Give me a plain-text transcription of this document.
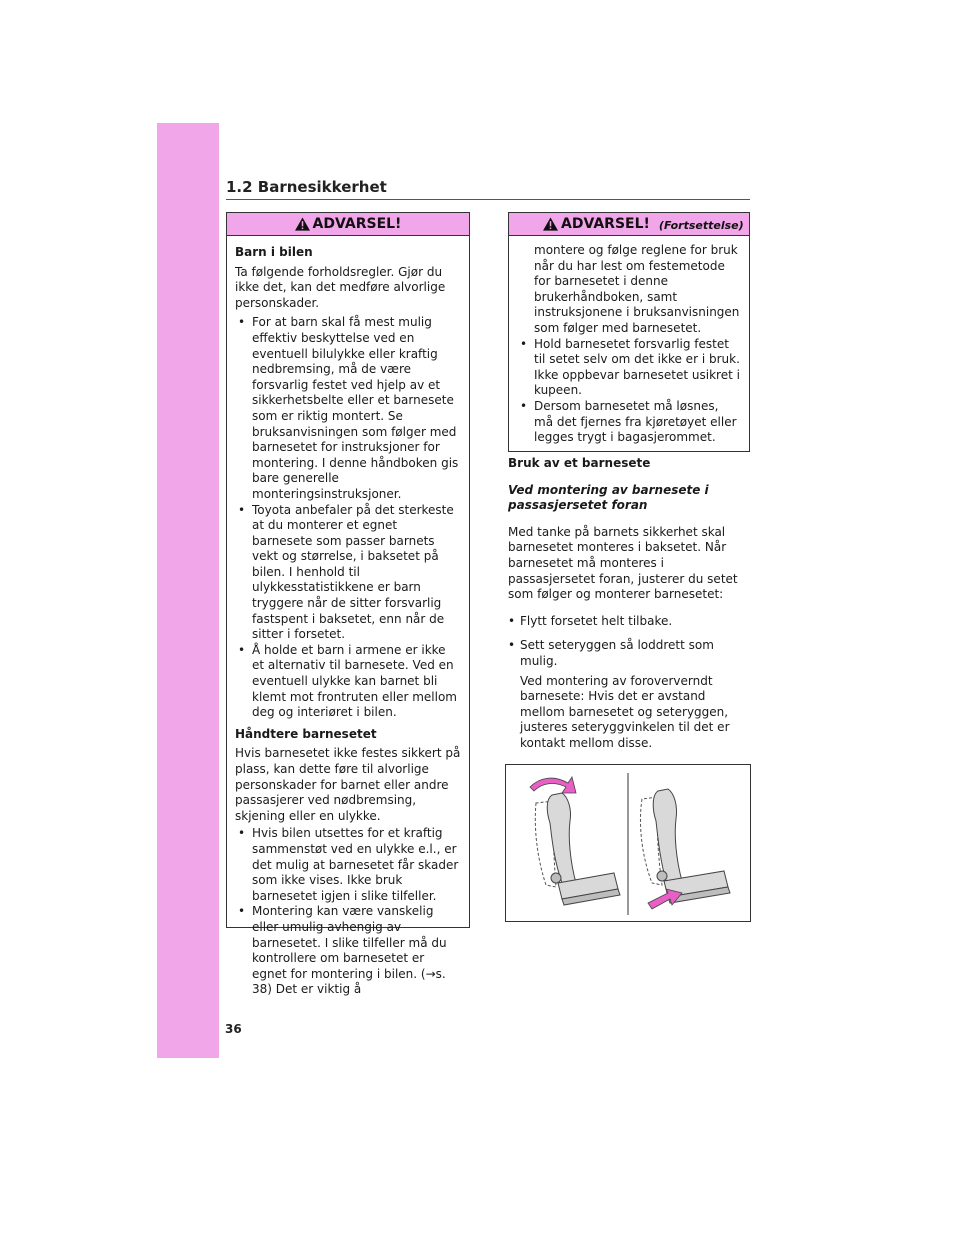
1.2 Barnesikkerhet
ADVARSEL!
Barn i bilen

Ta følgende forholdsregler. Gjør du ikke det, kan det medføre alvorlige personskader.

• For at barn skal få mest mulig effektiv beskyttelse ved en eventuell bilulykke eller kraftig nedbremsing, må de være forsvarlig festet ved hjelp av et sikkerhetsbelte eller et barnesete som er riktig montert. Se bruksanvisningen som følger med barnesetet for instruksjoner for montering. I denne håndboken gis bare generelle monteringsinstruksjoner.
• Toyota anbefaler på det sterkeste at du monterer et egnet barnesete som passer barnets vekt og størrelse, i baksetet på bilen. I henhold til ulykkesstatistikkene er barn tryggere når de sitter forsvarlig fastspent i baksetet, enn når de sitter i forsetet.
• Å holde et barn i armene er ikke et alternativ til barnesete. Ved en eventuell ulykke kan barnet bli klemt mot frontruten eller mellom deg og interiøret i bilen.
Håndtere barnesetet

Hvis barnesetet ikke festes sikkert på plass, kan dette føre til alvorlige personskader for barnet eller andre passasjerer ved nødbremsing, skjening eller en ulykke.

• Hvis bilen utsettes for et kraftig sammenstøt ved en ulykke e.l., er det mulig at barnesetet får skader som ikke vises. Ikke bruk barnesetet igjen i slike tilfeller.
• Montering kan være vanskelig eller umulig avhengig av barnesetet. I slike tilfeller må du kontrollere om barnesetet er egnet for montering i bilen. (→s. 38) Det er viktig å
ADVARSEL! (Fortsettelse)
montere og følge reglene for bruk når du har lest om festemetode for barnesetet i denne brukerhåndboken, samt instruksjonene i bruksanvisningen som følger med barnesetet.
• Hold barnesetet forsvarlig festet til setet selv om det ikke er i bruk. Ikke oppbevar barnesetet usikret i kupeen.
• Dersom barnesetet må løsnes, må det fjernes fra kjøretøyet eller legges trygt i bagasjerommet.
Bruk av et barnesete
Ved montering av barnesete i passasjersetet foran

Med tanke på barnets sikkerhet skal barnesetet monteres i baksetet. Når barnesetet må monteres i passasjersetet foran, justerer du setet som følger og monterer barnesetet:

• Flytt forsetet helt tilbake.
• Sett seteryggen så loddrett som mulig.
Ved montering av foroververndt barnesete: Hvis det er avstand mellom barnesetet og seteryggen, justeres seteryggvinkelen til det er kontakt mellom disse.
36
